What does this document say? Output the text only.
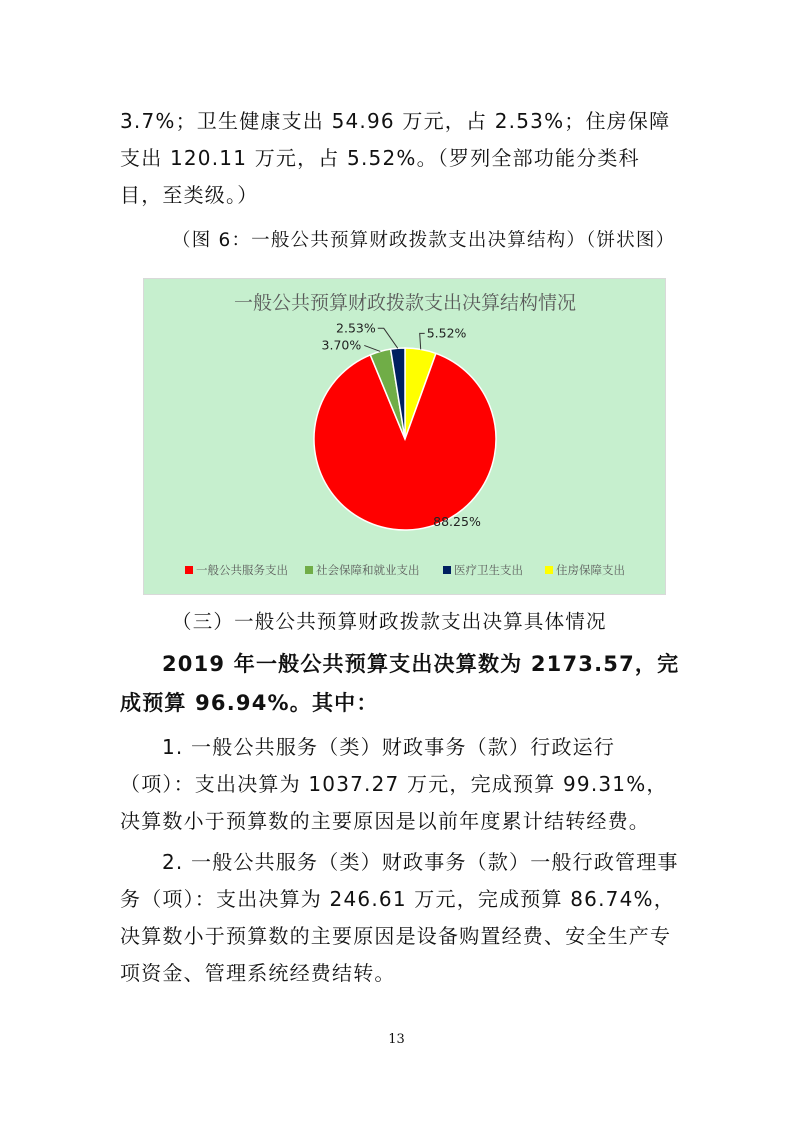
3.7%；卫生健康支出 54.96 万元，占 2.53%；住房保障支出 120.11 万元，占 5.52%。（罗列全部功能分类科目，至类级。）

（图 6：一般公共预算财政拨款支出决算结构）（饼状图）

一般公共预算财政拨款支出决算结构情况
88.25%
3.70%
2.53%	5.52%
一般公共服务支出 社会保障和就业支出	医疗卫生支出	住房保障支出

（三）一般公共预算财政拨款支出决算具体情况

2019 年一般公共预算支出决算数为 2173.57，完成预算 96.94%。其中：

1. 一般公共服务（类）财政事务（款）行政运行（项）：支出决算为 1037.27 万元，完成预算 99.31%，决算数小于预算数的主要原因是以前年度累计结转经费。

2. 一般公共服务（类）财政事务（款）一般行政管理事务（项）：支出决算为 246.61 万元，完成预算 86.74%，决算数小于预算数的主要原因是设备购置经费、安全生产专项资金、管理系统经费结转。

13
